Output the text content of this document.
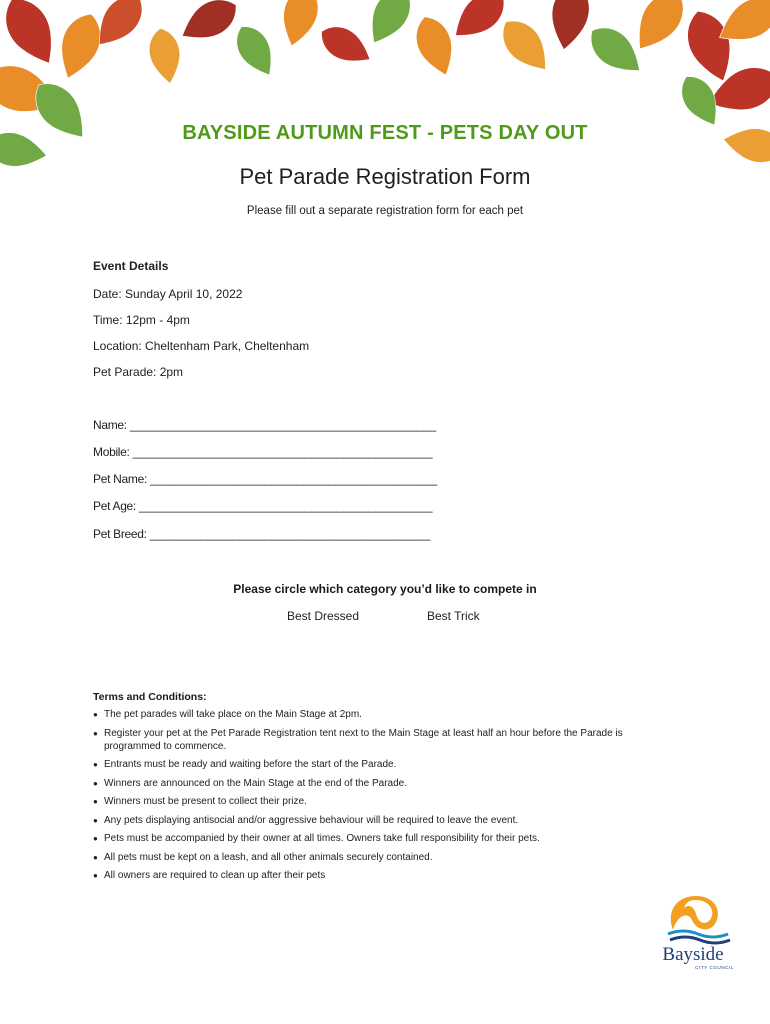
BAYSIDE AUTUMN FEST - PETS DAY OUT
Pet Parade Registration Form
Please fill out a separate registration form for each pet
Event Details
Date: Sunday April 10, 2022
Time: 12pm - 4pm
Location: Cheltenham Park, Cheltenham
Pet Parade: 2pm
Name: ________________________________________________
Mobile: _______________________________________________
Pet Name: _____________________________________________
Pet Age: ______________________________________________
Pet Breed: ____________________________________________
Please circle which category you’d like to compete in
Best Dressed	Best Trick
Terms and Conditions:
● The pet parades will take place on the Main Stage at 2pm.
● Register your pet at the Pet Parade Registration tent next to the Main Stage at least half an hour before the Parade is programmed to commence.
● Entrants must be ready and waiting before the start of the Parade.
● Winners are announced on the Main Stage at the end of the Parade.
● Winners must be present to collect their prize.
● Any pets displaying antisocial and/or aggressive behaviour will be required to leave the event.
● Pets must be accompanied by their owner at all times. Owners take full responsibility for their pets.
● All pets must be kept on a leash, and all other animals securely contained.
● All owners are required to clean up after their pets
Bayside
CITY COUNCIL
